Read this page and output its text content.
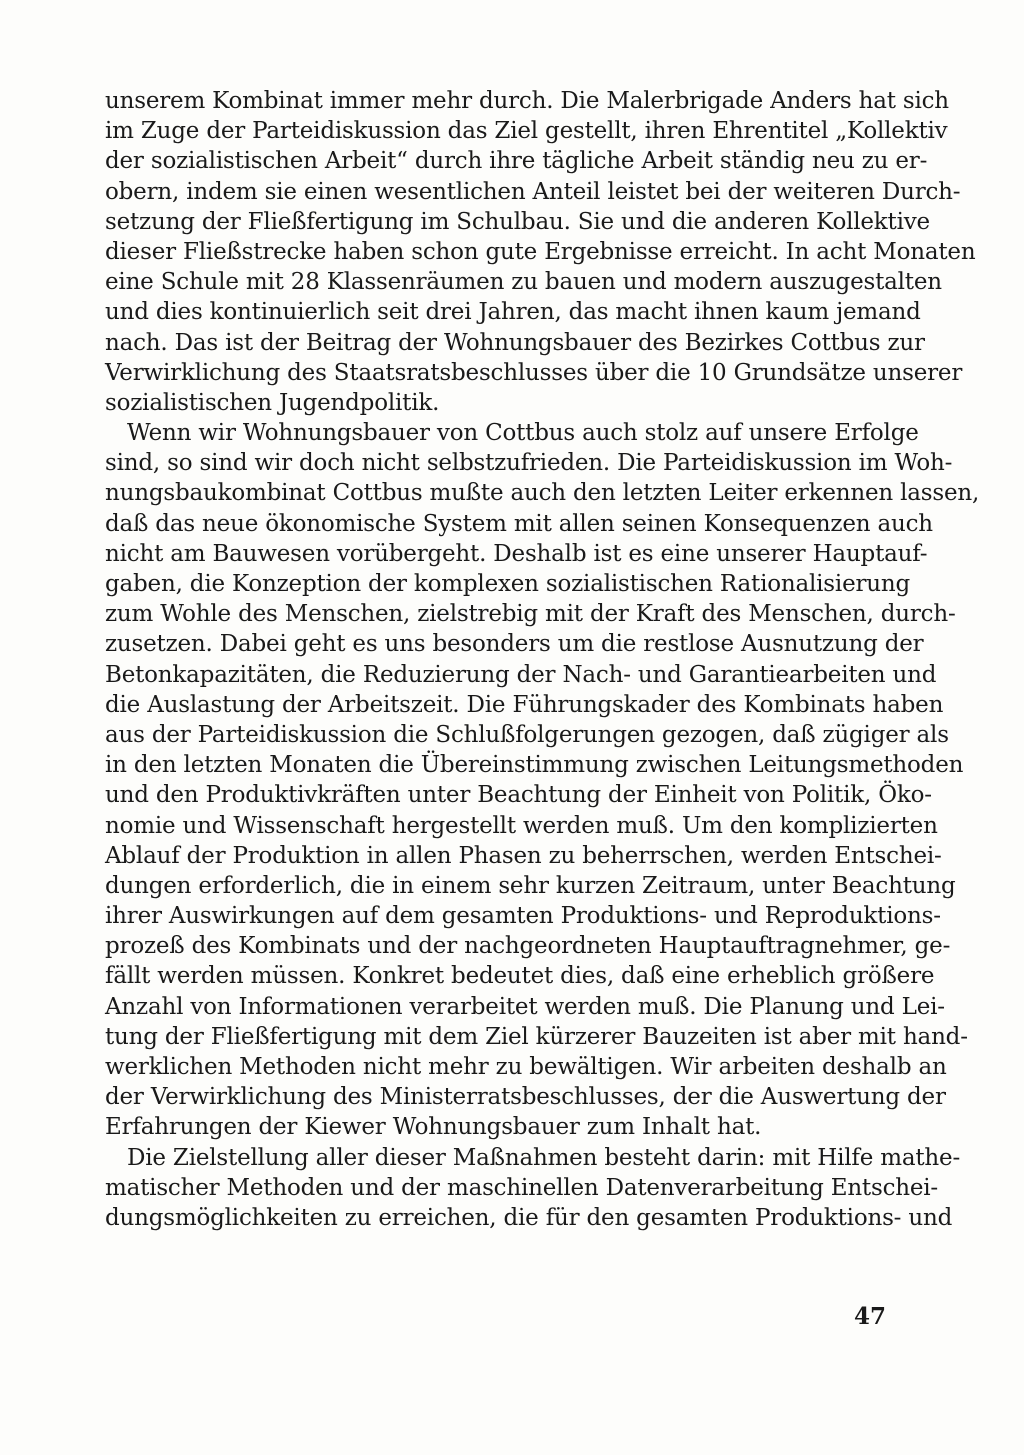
unserem Kombinat immer mehr durch. Die Malerbrigade Anders hat sich
im Zuge der Parteidiskussion das Ziel gestellt, ihren Ehrentitel „Kollektiv
der sozialistischen Arbeit“ durch ihre tägliche Arbeit ständig neu zu er-
obern, indem sie einen wesentlichen Anteil leistet bei der weiteren Durch-
setzung der Fließfertigung im Schulbau. Sie und die anderen Kollektive
dieser Fließstrecke haben schon gute Ergebnisse erreicht. In acht Monaten
eine Schule mit 28 Klassenräumen zu bauen und modern auszugestalten
und dies kontinuierlich seit drei Jahren, das macht ihnen kaum jemand
nach. Das ist der Beitrag der Wohnungsbauer des Bezirkes Cottbus zur
Verwirklichung des Staatsratsbeschlusses über die 10 Grundsätze unserer
sozialistischen Jugendpolitik.
Wenn wir Wohnungsbauer von Cottbus auch stolz auf unsere Erfolge
sind, so sind wir doch nicht selbstzufrieden. Die Parteidiskussion im Woh-
nungsbaukombinat Cottbus mußte auch den letzten Leiter erkennen lassen,
daß das neue ökonomische System mit allen seinen Konsequenzen auch
nicht am Bauwesen vorübergeht. Deshalb ist es eine unserer Hauptauf-
gaben, die Konzeption der komplexen sozialistischen Rationalisierung
zum Wohle des Menschen, zielstrebig mit der Kraft des Menschen, durch-
zusetzen. Dabei geht es uns besonders um die restlose Ausnutzung der
Betonkapazitäten, die Reduzierung der Nach- und Garantiearbeiten und
die Auslastung der Arbeitszeit. Die Führungskader des Kombinats haben
aus der Parteidiskussion die Schlußfolgerungen gezogen, daß zügiger als
in den letzten Monaten die Übereinstimmung zwischen Leitungsmethoden
und den Produktivkräften unter Beachtung der Einheit von Politik, Öko-
nomie und Wissenschaft hergestellt werden muß. Um den komplizierten
Ablauf der Produktion in allen Phasen zu beherrschen, werden Entschei-
dungen erforderlich, die in einem sehr kurzen Zeitraum, unter Beachtung
ihrer Auswirkungen auf dem gesamten Produktions- und Reproduktions-
prozeß des Kombinats und der nachgeordneten Hauptauftragnehmer, ge-
fällt werden müssen. Konkret bedeutet dies, daß eine erheblich größere
Anzahl von Informationen verarbeitet werden muß. Die Planung und Lei-
tung der Fließfertigung mit dem Ziel kürzerer Bauzeiten ist aber mit hand-
werklichen Methoden nicht mehr zu bewältigen. Wir arbeiten deshalb an
der Verwirklichung des Ministerratsbeschlusses, der die Auswertung der
Erfahrungen der Kiewer Wohnungsbauer zum Inhalt hat.
Die Zielstellung aller dieser Maßnahmen besteht darin: mit Hilfe mathe-
matischer Methoden und der maschinellen Datenverarbeitung Entschei-
dungsmöglichkeiten zu erreichen, die für den gesamten Produktions- und
47
